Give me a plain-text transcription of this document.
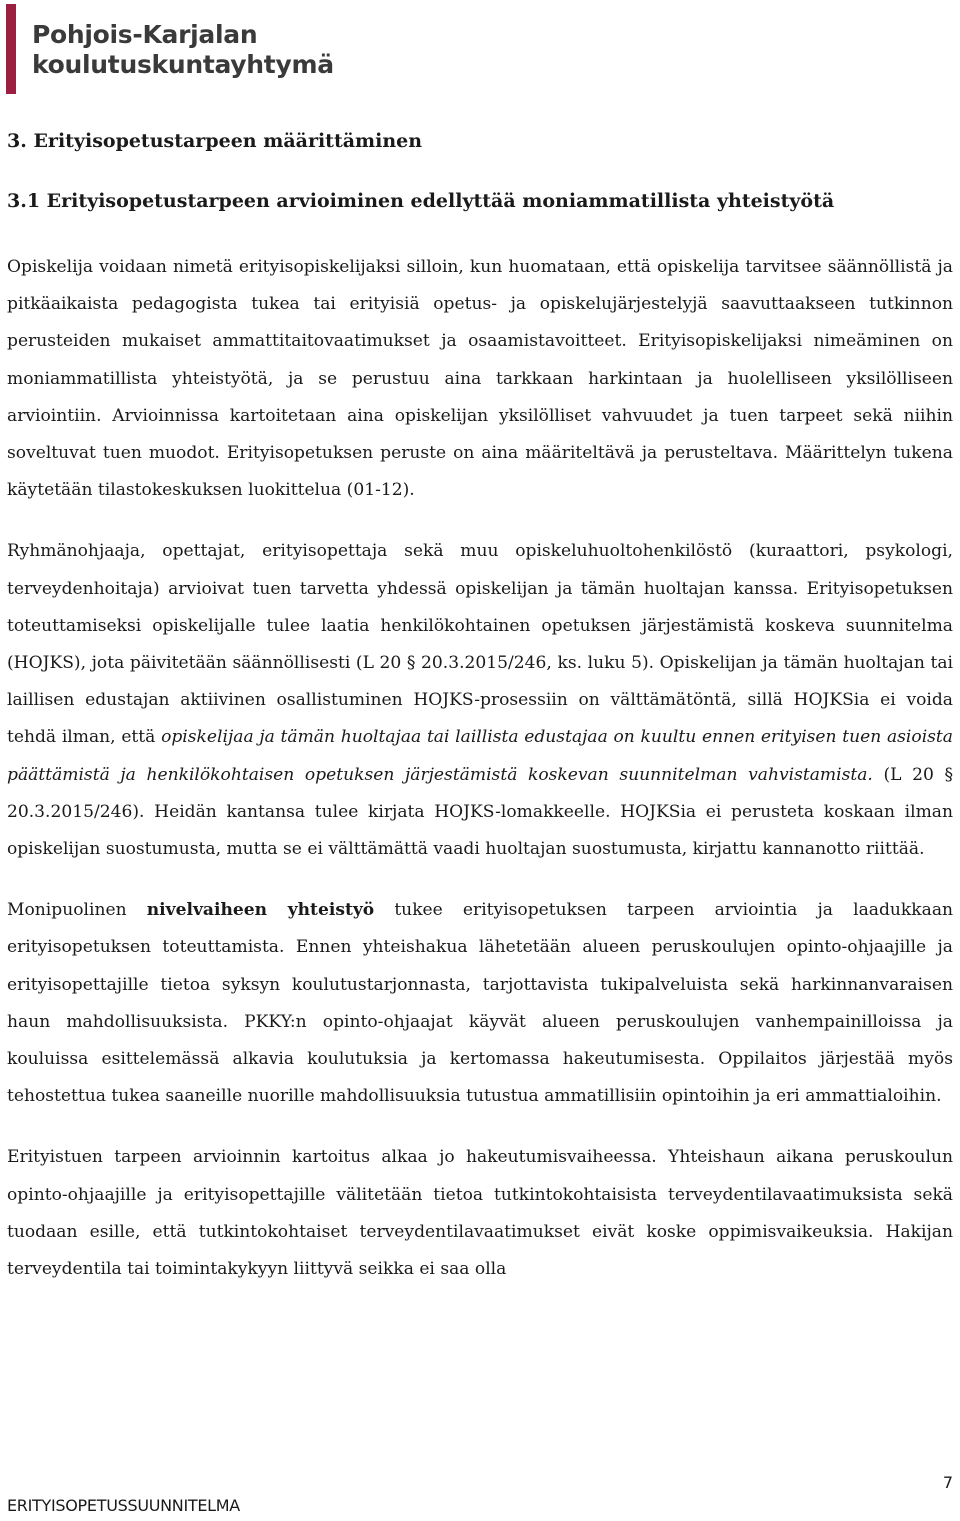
Pohjois-Karjalan
koulutuskuntayhtymä
3. Erityisopetustarpeen määrittäminen
3.1 Erityisopetustarpeen arvioiminen edellyttää moniammatillista yhteistyötä

Opiskelija voidaan nimetä erityisopiskelijaksi silloin, kun huomataan, että opiskelija tarvitsee säännöllistä ja pitkäaikaista pedagogista tukea tai erityisiä opetus- ja opiskelujärjestelyjä saavuttaakseen tutkinnon perusteiden mukaiset ammattitaitovaatimukset ja osaamistavoitteet. Erityisopiskelijaksi nimeäminen on moniammatillista yhteistyötä, ja se perustuu aina tarkkaan harkintaan ja huolelliseen yksilölliseen arviointiin. Arvioinnissa kartoitetaan aina opiskelijan yksilölliset vahvuudet ja tuen tarpeet sekä niihin soveltuvat tuen muodot. Erityisopetuksen peruste on aina määriteltävä ja perusteltava. Määrittelyn tukena käytetään tilastokeskuksen luokittelua (01-12).

Ryhmänohjaaja, opettajat, erityisopettaja sekä muu opiskeluhuoltohenkilöstö (kuraattori, psykologi, terveydenhoitaja) arvioivat tuen tarvetta yhdessä opiskelijan ja tämän huoltajan kanssa. Erityisopetuksen toteuttamiseksi opiskelijalle tulee laatia henkilökohtainen opetuksen järjestämistä koskeva suunnitelma (HOJKS), jota päivitetään säännöllisesti (L 20 § 20.3.2015/246, ks. luku 5). Opiskelijan ja tämän huoltajan tai laillisen edustajan aktiivinen osallistuminen HOJKS-prosessiin on välttämätöntä, sillä HOJKSia ei voida tehdä ilman, että opiskelijaa ja tämän huoltajaa tai laillista edustajaa on kuultu ennen erityisen tuen asioista päättämistä ja henkilökohtaisen opetuksen järjestämistä koskevan suunnitelman vahvistamista. (L 20 § 20.3.2015/246). Heidän kantansa tulee kirjata HOJKS-lomakkeelle. HOJKSia ei perusteta koskaan ilman opiskelijan suostumusta, mutta se ei välttämättä vaadi huoltajan suostumusta, kirjattu kannanotto riittää.

Monipuolinen nivelvaiheen yhteistyö tukee erityisopetuksen tarpeen arviointia ja laadukkaan erityisopetuksen toteuttamista. Ennen yhteishakua lähetetään alueen peruskoulujen opinto-ohjaajille ja erityisopettajille tietoa syksyn koulutustarjonnasta, tarjottavista tukipalveluista sekä harkinnanvaraisen haun mahdollisuuksista. PKKY:n opinto-ohjaajat käyvät alueen peruskoulujen vanhempainilloissa ja kouluissa esittelemässä alkavia koulutuksia ja kertomassa hakeutumisesta. Oppilaitos järjestää myös tehostettua tukea saaneille nuorille mahdollisuuksia tutustua ammatillisiin opintoihin ja eri ammattialoihin.

Erityistuen tarpeen arvioinnin kartoitus alkaa jo hakeutumisvaiheessa. Yhteishaun aikana peruskoulun opinto-ohjaajille ja erityisopettajille välitetään tietoa tutkintokohtaisista terveydentilavaatimuksista sekä tuodaan esille, että tutkintokohtaiset terveydentilavaatimukset eivät koske oppimisvaikeuksia. Hakijan terveydentila tai toimintakykyyn liittyvä seikka ei saa olla

7
ERITYISOPETUSSUUNNITELMA
